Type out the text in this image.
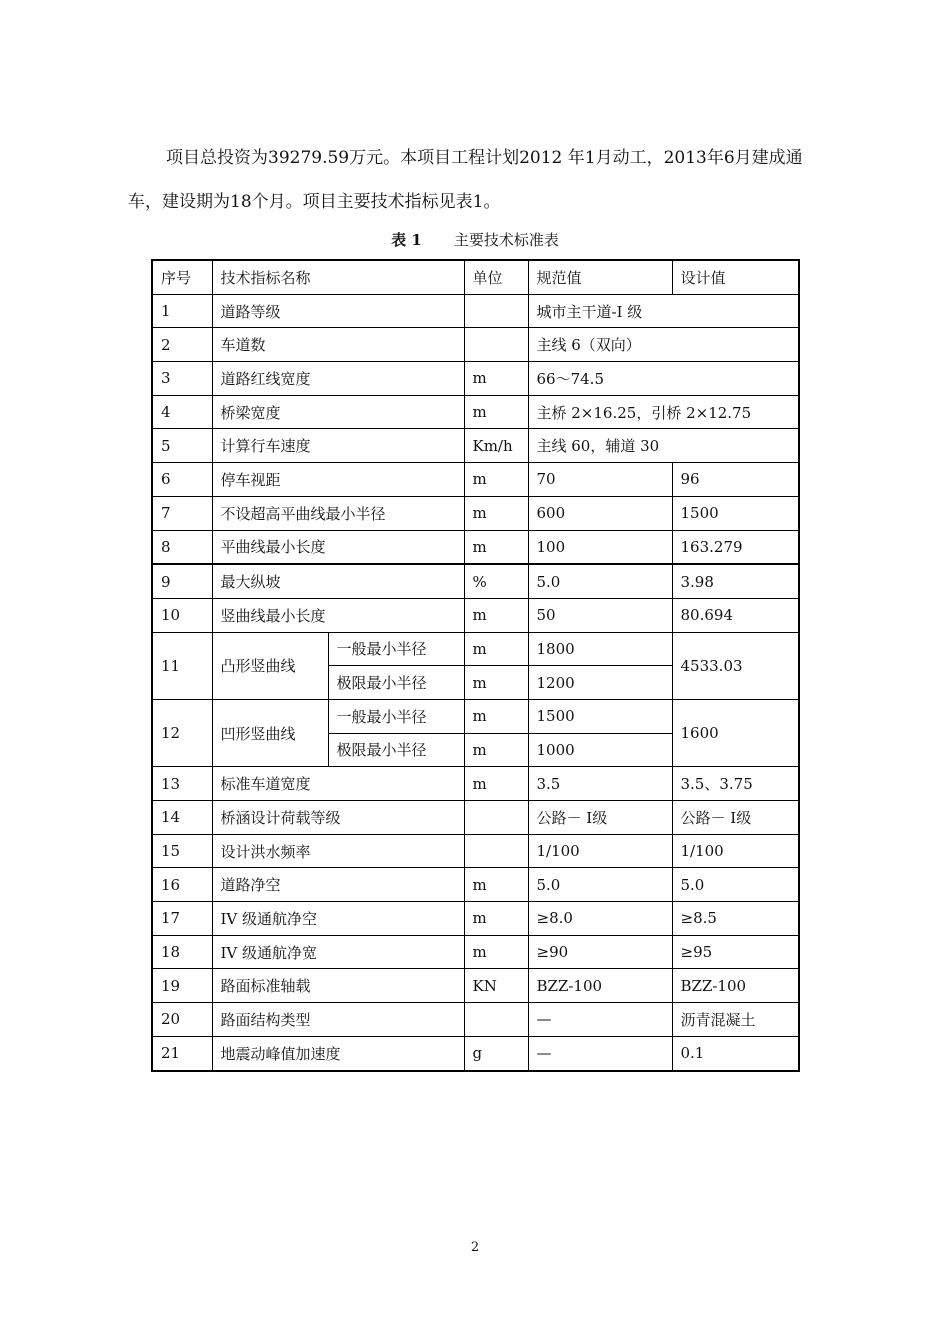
项目总投资为39279.59万元。本项目工程计划2012 年1月动工，2013年6月建成通车，建设期为18个月。项目主要技术指标见表1。

表 1 主要技术标准表
序号	技术指标名称		单位	规范值	设计值
1	道路等级			城市主干道-I 级	
2	车道数			主线 6（双向）	
3	道路红线宽度		m	66～74.5	
4	桥梁宽度		m	主桥 2×16.25，引桥 2×12.75	
5	计算行车速度		Km/h	主线 60，辅道 30	
6	停车视距		m	70	96
7	不设超高平曲线最小半径		m	600	1500
8	平曲线最小长度		m	100	163.279
9	最大纵坡		%	5.0	3.98
10	竖曲线最小长度		m	50	80.694
11	凸形竖曲线	一般最小半径	m	1800	4533.03
		极限最小半径	m	1200	
12	凹形竖曲线	一般最小半径	m	1500	1600
		极限最小半径	m	1000	
13	标准车道宽度		m	3.5	3.5、3.75
14	桥涵设计荷载等级			公路－ I级	公路－ I级
15	设计洪水频率			1/100	1/100
16	道路净空		m	5.0	5.0
17	IV 级通航净空		m	≥8.0	≥8.5
18	IV 级通航净宽		m	≥90	≥95
19	路面标准轴载		KN	BZZ-100	BZZ-100
20	路面结构类型			—	沥青混凝土
21	地震动峰值加速度		g	—	0.1
2
